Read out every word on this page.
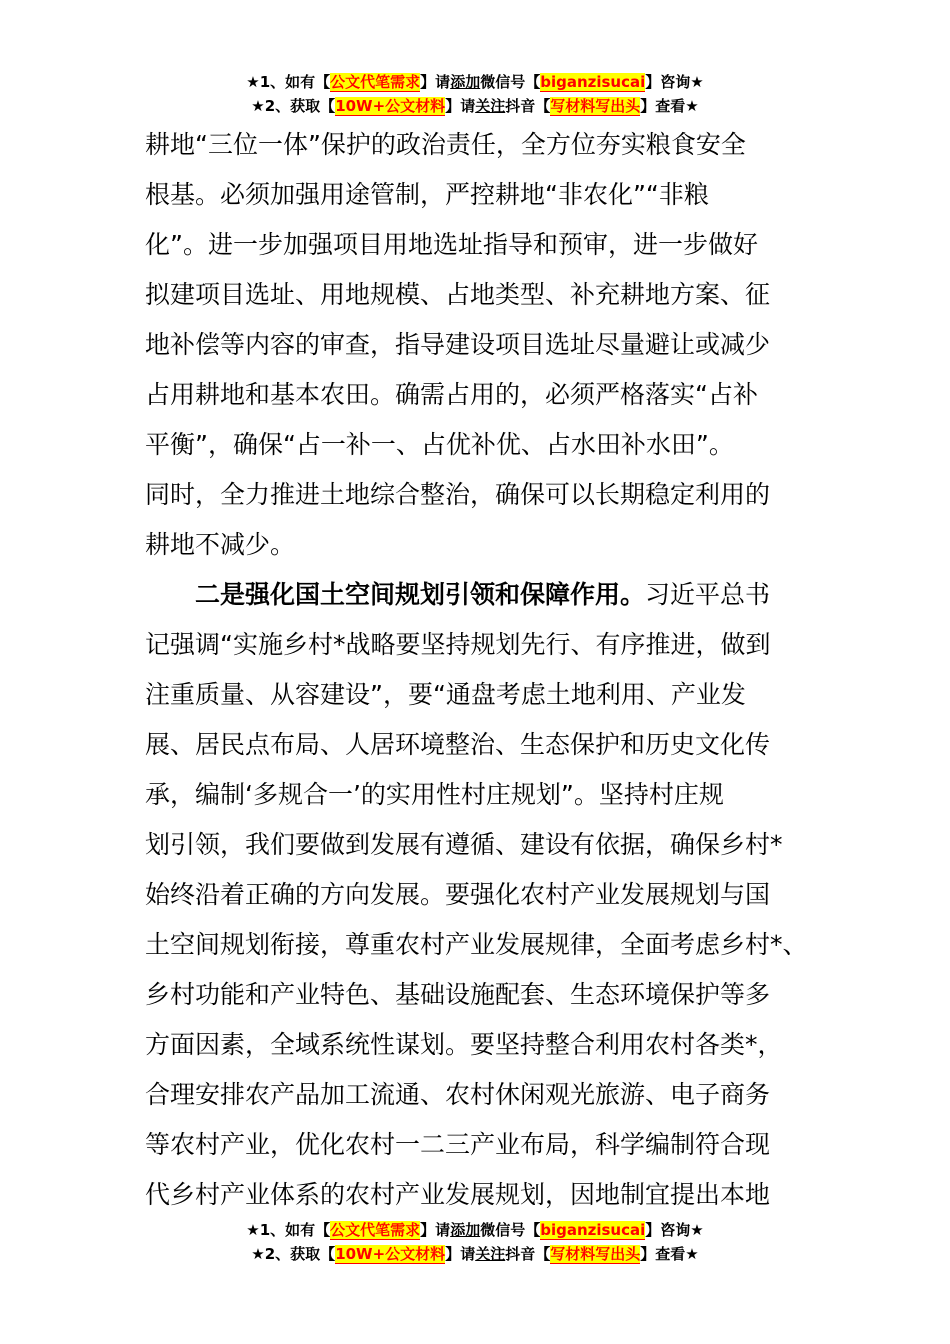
★1、如有【公文代笔需求】请添加微信号【biganzisucai】咨询★
★2、获取【10W+公文材料】请关注抖音【写材料写出头】查看★
耕地“三位一体”保护的政治责任，全方位夯实粮食安全
根基。必须加强用途管制，严控耕地“非农化”“非粮
化”。进一步加强项目用地选址指导和预审，进一步做好
拟建项目选址、用地规模、占地类型、补充耕地方案、征
地补偿等内容的审查，指导建设项目选址尽量避让或减少
占用耕地和基本农田。确需占用的，必须严格落实“占补
平衡”，确保“占一补一、占优补优、占水田补水田”。
同时，全力推进土地综合整治，确保可以长期稳定利用的
耕地不减少。
二是强化国土空间规划引领和保障作用。习近平总书
记强调“实施乡村*战略要坚持规划先行、有序推进，做到
注重质量、从容建设”，要“通盘考虑土地利用、产业发
展、居民点布局、人居环境整治、生态保护和历史文化传
承，编制‘多规合一’的实用性村庄规划”。坚持村庄规
划引领，我们要做到发展有遵循、建设有依据，确保乡村*
始终沿着正确的方向发展。要强化农村产业发展规划与国
土空间规划衔接，尊重农村产业发展规律，全面考虑乡村*、
乡村功能和产业特色、基础设施配套、生态环境保护等多
方面因素，全域系统性谋划。要坚持整合利用农村各类*，
合理安排农产品加工流通、农村休闲观光旅游、电子商务
等农村产业，优化农村一二三产业布局，科学编制符合现
代乡村产业体系的农村产业发展规划，因地制宜提出本地
★1、如有【公文代笔需求】请添加微信号【biganzisucai】咨询★
★2、获取【10W+公文材料】请关注抖音【写材料写出头】查看★
